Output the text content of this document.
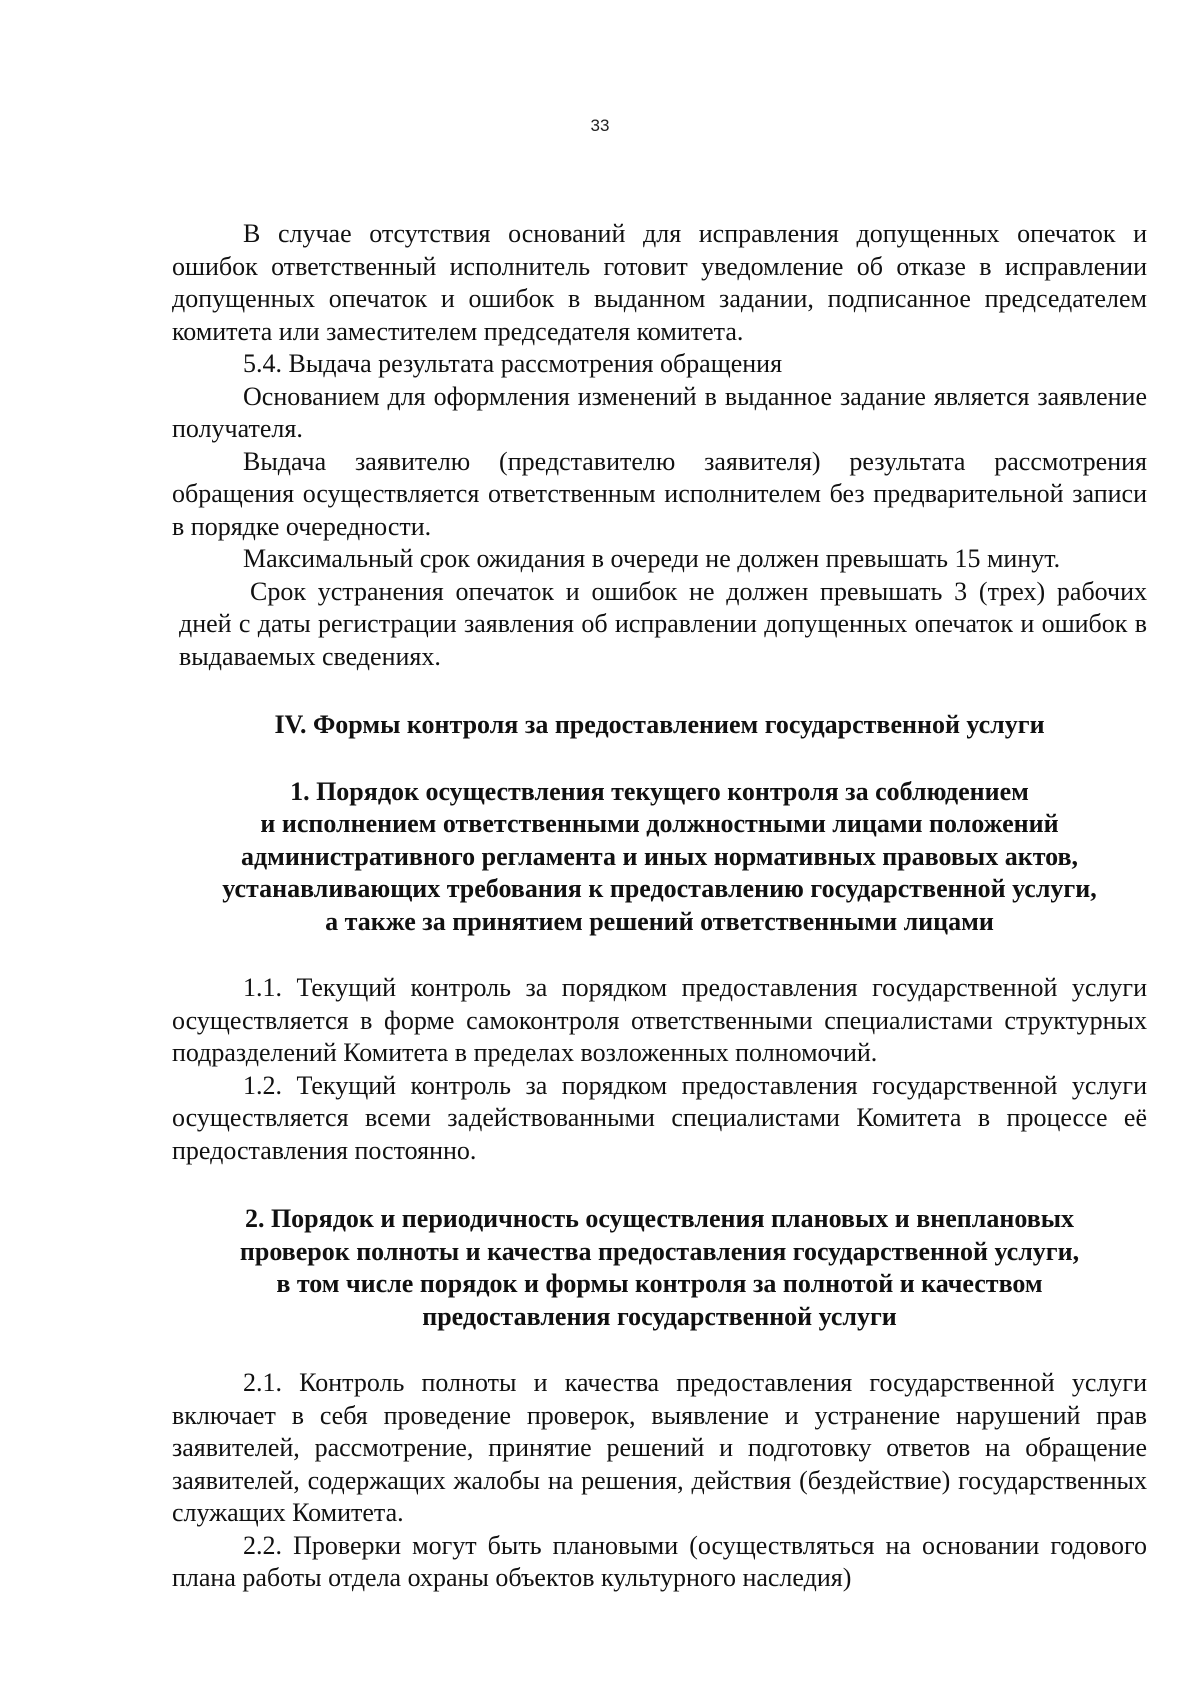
33

В случае отсутствия оснований для исправления допущенных опечаток и ошибок ответственный исполнитель готовит уведомление об отказе в исправлении допущенных опечаток и ошибок в выданном задании, подписанное председателем комитета или заместителем председателя комитета.

5.4. Выдача результата рассмотрения обращения

Основанием для оформления изменений в выданное задание является заявление получателя.

Выдача заявителю (представителю заявителя) результата рассмотрения обращения осуществляется ответственным исполнителем без предварительной записи в порядке очередности.

Максимальный срок ожидания в очереди не должен превышать 15 минут.

Срок устранения опечаток и ошибок не должен превышать 3 (трех) рабочих дней с даты регистрации заявления об исправлении допущенных опечаток и ошибок в выдаваемых сведениях.

IV. Формы контроля за предоставлением государственной услуги
1. Порядок осуществления текущего контроля за соблюдением
и исполнением ответственными должностными лицами положений
административного регламента и иных нормативных правовых актов,
устанавливающих требования к предоставлению государственной услуги,
а также за принятием решений ответственными лицами

1.1. Текущий контроль за порядком предоставления государственной услуги осуществляется в форме самоконтроля ответственными специалистами структурных подразделений Комитета в пределах возложенных полномочий.

1.2. Текущий контроль за порядком предоставления государственной услуги осуществляется всеми задействованными специалистами Комитета в процессе её предоставления постоянно.

2. Порядок и периодичность осуществления плановых и внеплановых
проверок полноты и качества предоставления государственной услуги,
в том числе порядок и формы контроля за полнотой и качеством
предоставления государственной услуги

2.1. Контроль полноты и качества предоставления государственной услуги включает в себя проведение проверок, выявление и устранение нарушений прав заявителей, рассмотрение, принятие решений и подготовку ответов на обращение заявителей, содержащих жалобы на решения, действия (бездействие) государственных служащих Комитета.

2.2. Проверки могут быть плановыми (осуществляться на основании годового плана работы отдела охраны объектов культурного наследия)
